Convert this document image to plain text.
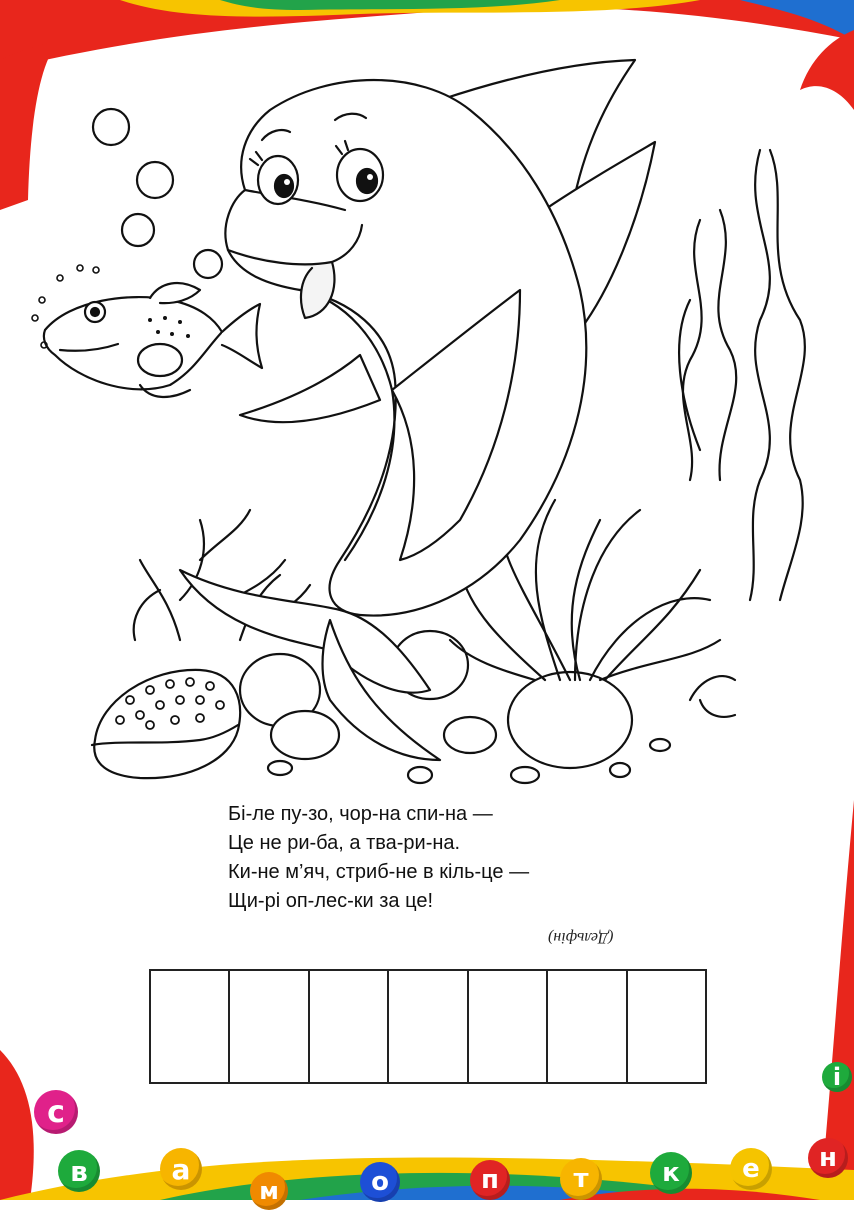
Бі-ле пу-зо, чор-на спи-на —
Це не ри-ба, а тва-ри-на.
Ки-не м’яч, стриб-не в кіль-це —
Щи-рі оп-лес-ки за це!
(Дельфін)
с
в	а
м	о	п	т	к	е	н
і
